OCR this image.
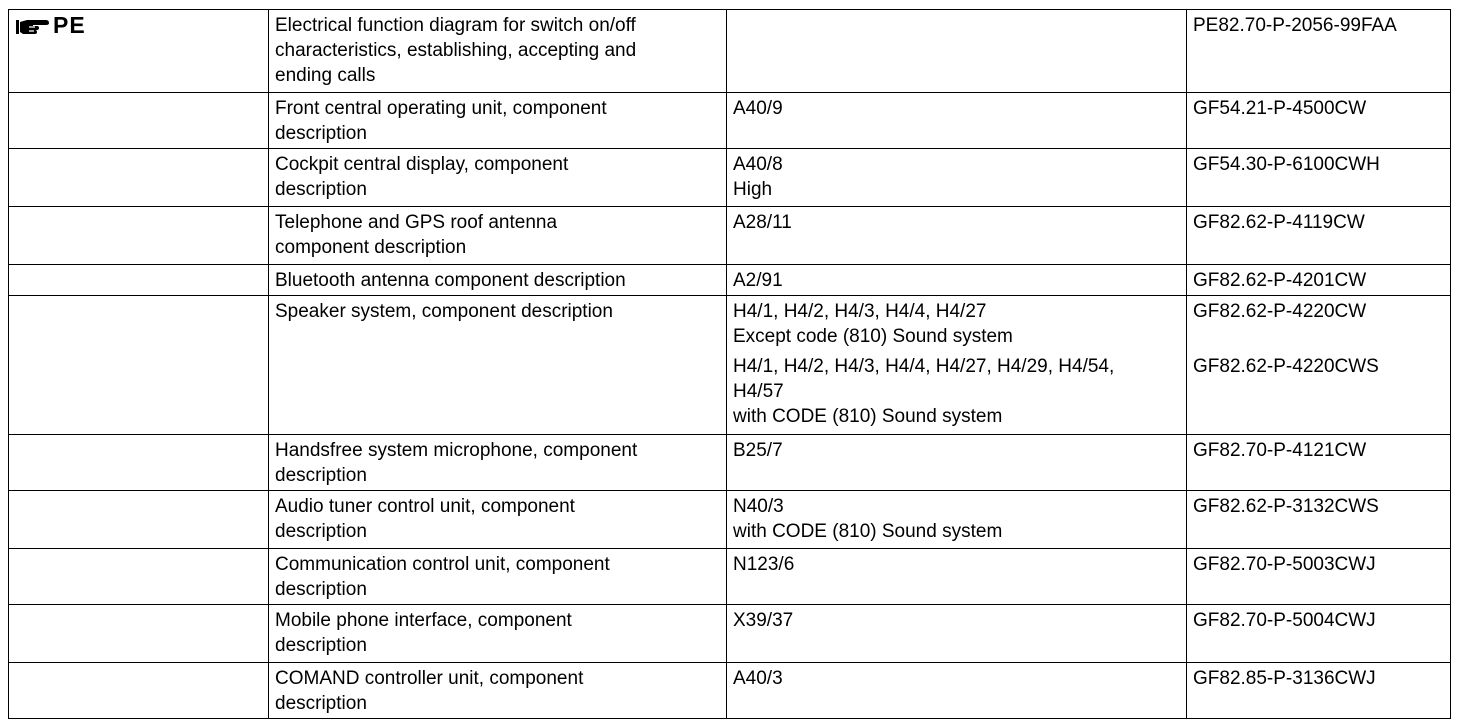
PE	Electrical function diagram for switch on/off
characteristics, establishing, accepting and
ending calls		PE82.70-P-2056-99FAA

	Front central operating unit, component
description	A40/9	GF54.21-P-4500CW

	Cockpit central display, component
description	A40/8
High	GF54.30-P-6100CWH

	Telephone and GPS roof antenna
component description	A28/11	GF82.62-P-4119CW

	Bluetooth antenna component description	A2/91	GF82.62-P-4201CW

	Speaker system, component description	H4/1, H4/2, H4/3, H4/4, H4/27
Except code (810) Sound system
H4/1, H4/2, H4/3, H4/4, H4/27, H4/29, H4/54,
H4/57
with CODE (810) Sound system	GF82.62-P-4220CW
GF82.62-P-4220CWS

	Handsfree system microphone, component
description	B25/7	GF82.70-P-4121CW

	Audio tuner control unit, component
description	N40/3
with CODE (810) Sound system	GF82.62-P-3132CWS

	Communication control unit, component
description	N123/6	GF82.70-P-5003CWJ

	Mobile phone interface, component
description	X39/37	GF82.70-P-5004CWJ

	COMAND controller unit, component
description	A40/3	GF82.85-P-3136CWJ
